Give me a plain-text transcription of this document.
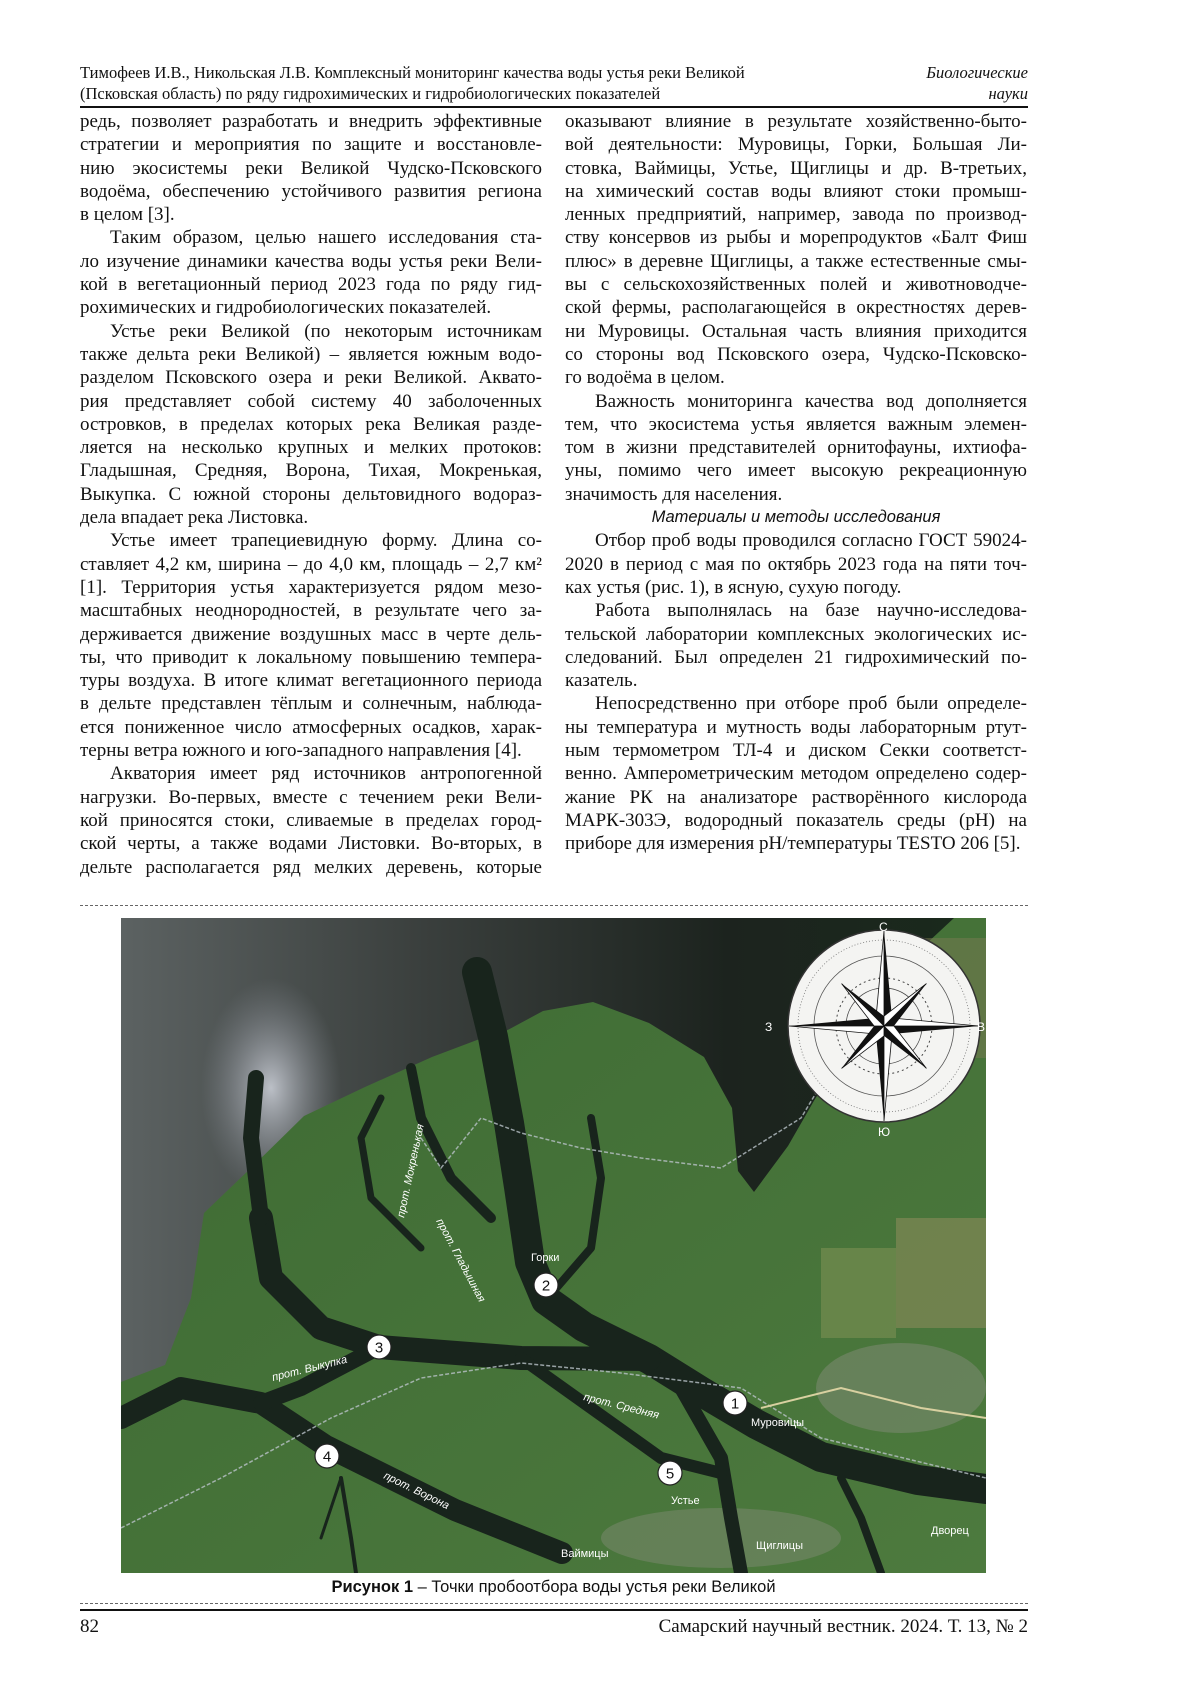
Тимофеев И.В., Никольская Л.В. Комплексный мониторинг качества воды устья реки Великой
(Псковская область) по ряду гидрохимических и гидробиологических показателей
Биологические
науки
редь, позволяет разработать и внедрить эффективные
стратегии и мероприятия по защите и восстановле-
нию экосистемы реки Великой Чудско-Псковского
водоёма, обеспечению устойчивого развития региона
в целом [3].
Таким образом, целью нашего исследования ста-
ло изучение динамики качества воды устья реки Вели-
кой в вегетационный период 2023 года по ряду гид-
рохимических и гидробиологических показателей.
Устье реки Великой (по некоторым источникам
также дельта реки Великой) – является южным водо-
разделом Псковского озера и реки Великой. Аквато-
рия представляет собой систему 40 заболоченных
островков, в пределах которых река Великая разде-
ляется на несколько крупных и мелких протоков:
Гладышная, Средняя, Ворона, Тихая, Мокренькая,
Выкупка. С южной стороны дельтовидного водораз-
дела впадает река Листовка.
Устье имеет трапециевидную форму. Длина со-
ставляет 4,2 км, ширина – до 4,0 км, площадь – 2,7 км²
[1]. Территория устья характеризуется рядом мезо-
масштабных неоднородностей, в результате чего за-
держивается движение воздушных масс в черте дель-
ты, что приводит к локальному повышению темпера-
туры воздуха. В итоге климат вегетационного периода
в дельте представлен тёплым и солнечным, наблюда-
ется пониженное число атмосферных осадков, харак-
терны ветра южного и юго-западного направления [4].
Акватория имеет ряд источников антропогенной
нагрузки. Во-первых, вместе с течением реки Вели-
кой приносятся стоки, сливаемые в пределах город-
ской черты, а также водами Листовки. Во-вторых, в
дельте располагается ряд мелких деревень, которые
оказывают влияние в результате хозяйственно-быто-
вой деятельности: Муровицы, Горки, Большая Ли-
стовка, Ваймицы, Устье, Щиглицы и др. В-третьих,
на химический состав воды влияют стоки промыш-
ленных предприятий, например, завода по производ-
ству консервов из рыбы и морепродуктов «Балт Фиш
плюс» в деревне Щиглицы, а также естественные смы-
вы с сельскохозяйственных полей и животноводче-
ской фермы, располагающейся в окрестностях дерев-
ни Муровицы. Остальная часть влияния приходится
со стороны вод Псковского озера, Чудско-Псковско-
го водоёма в целом.
Важность мониторинга качества вод дополняется
тем, что экосистема устья является важным элемен-
том в жизни представителей орнитофауны, ихтиофа-
уны, помимо чего имеет высокую рекреационную
значимость для населения.
Материалы и методы исследования
Отбор проб воды проводился согласно ГОСТ 59024-
2020 в период с мая по октябрь 2023 года на пяти точ-
ках устья (рис. 1), в ясную, сухую погоду.
Работа выполнялась на базе научно-исследова-
тельской лаборатории комплексных экологических ис-
следований. Был определен 21 гидрохимический по-
казатель.
Непосредственно при отборе проб были определе-
ны температура и мутность воды лабораторным ртут-
ным термометром ТЛ-4 и диском Секки соответст-
венно. Амперометрическим методом определено содер-
жание РК на анализаторе растворённого кислорода
МАРК-303Э, водородный показатель среды (pH) на
приборе для измерения pH/температуры TESTO 206 [5].
С
З	В
Ю
прот. Мокренькая
прот. Гладышная
прот. Выкупка
прот. Средняя
прот. Ворона
Горки
Муровицы
Устье
Дворец
Ваймицы
Щиглицы
1
2
3
4
5
Рисунок 1 – Точки пробоотбора воды устья реки Великой
82	Самарский научный вестник. 2024. Т. 13, № 2
